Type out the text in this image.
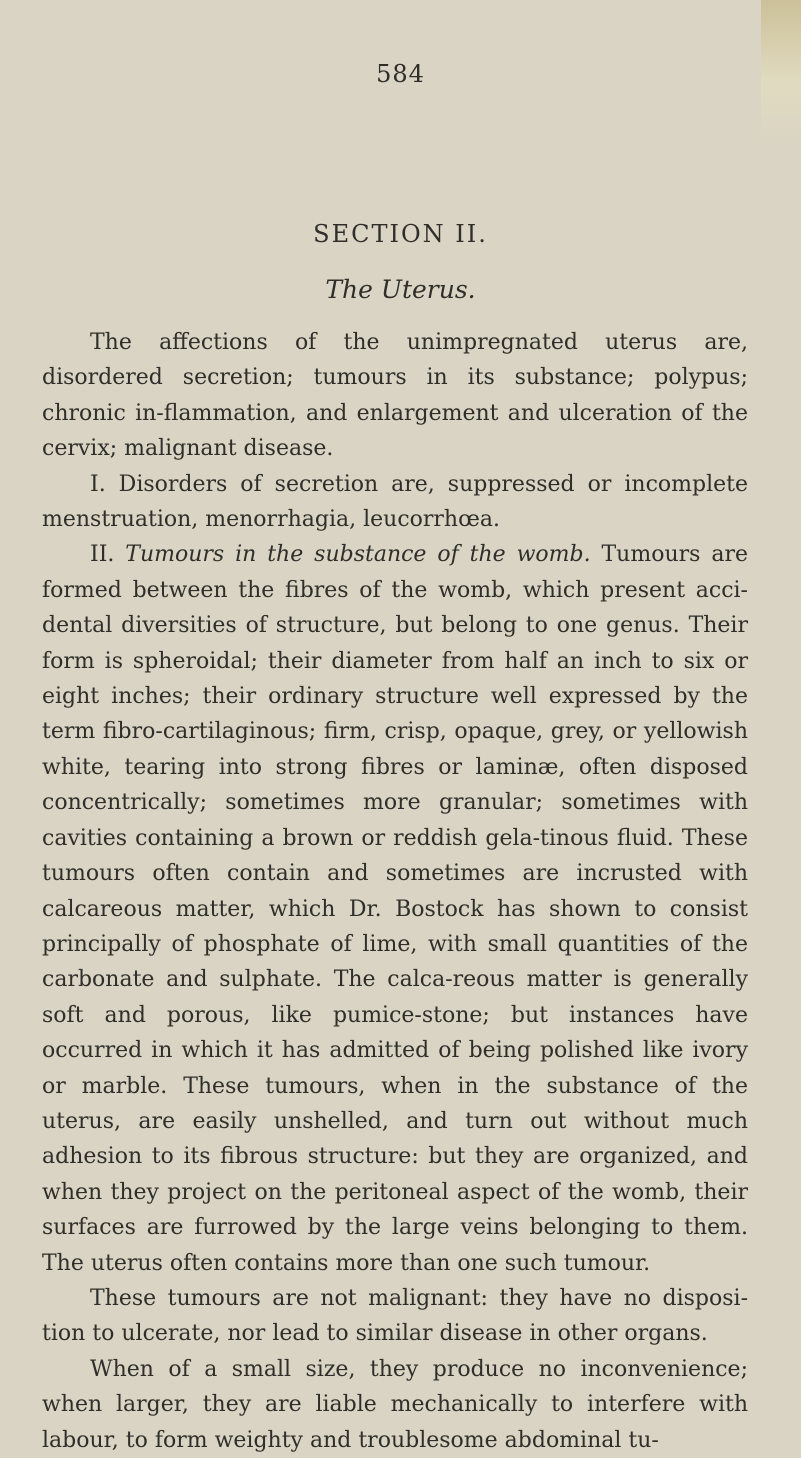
584
SECTION II.
The Uterus.

The affections of the unimpregnated uterus are, disordered secretion; tumours in its substance; polypus; chronic in-flammation, and enlargement and ulceration of the cervix; malignant disease.

I. Disorders of secretion are, suppressed or incomplete menstruation, menorrhagia, leucorrhœa.

II. Tumours in the substance of the womb. Tumours are formed between the fibres of the womb, which present acci-dental diversities of structure, but belong to one genus. Their form is spheroidal; their diameter from half an inch to six or eight inches; their ordinary structure well expressed by the term fibro-cartilaginous; firm, crisp, opaque, grey, or yellowish white, tearing into strong fibres or laminæ, often disposed concentrically; sometimes more granular; sometimes with cavities containing a brown or reddish gela-tinous fluid. These tumours often contain and sometimes are incrusted with calcareous matter, which Dr. Bostock has shown to consist principally of phosphate of lime, with small quantities of the carbonate and sulphate. The calca-reous matter is generally soft and porous, like pumice-stone; but instances have occurred in which it has admitted of being polished like ivory or marble. These tumours, when in the substance of the uterus, are easily unshelled, and turn out without much adhesion to its fibrous structure: but they are organized, and when they project on the peritoneal aspect of the womb, their surfaces are furrowed by the large veins belonging to them. The uterus often contains more than one such tumour.

These tumours are not malignant: they have no disposi-tion to ulcerate, nor lead to similar disease in other organs.

When of a small size, they produce no inconvenience; when larger, they are liable mechanically to interfere with labour, to form weighty and troublesome abdominal tu-
